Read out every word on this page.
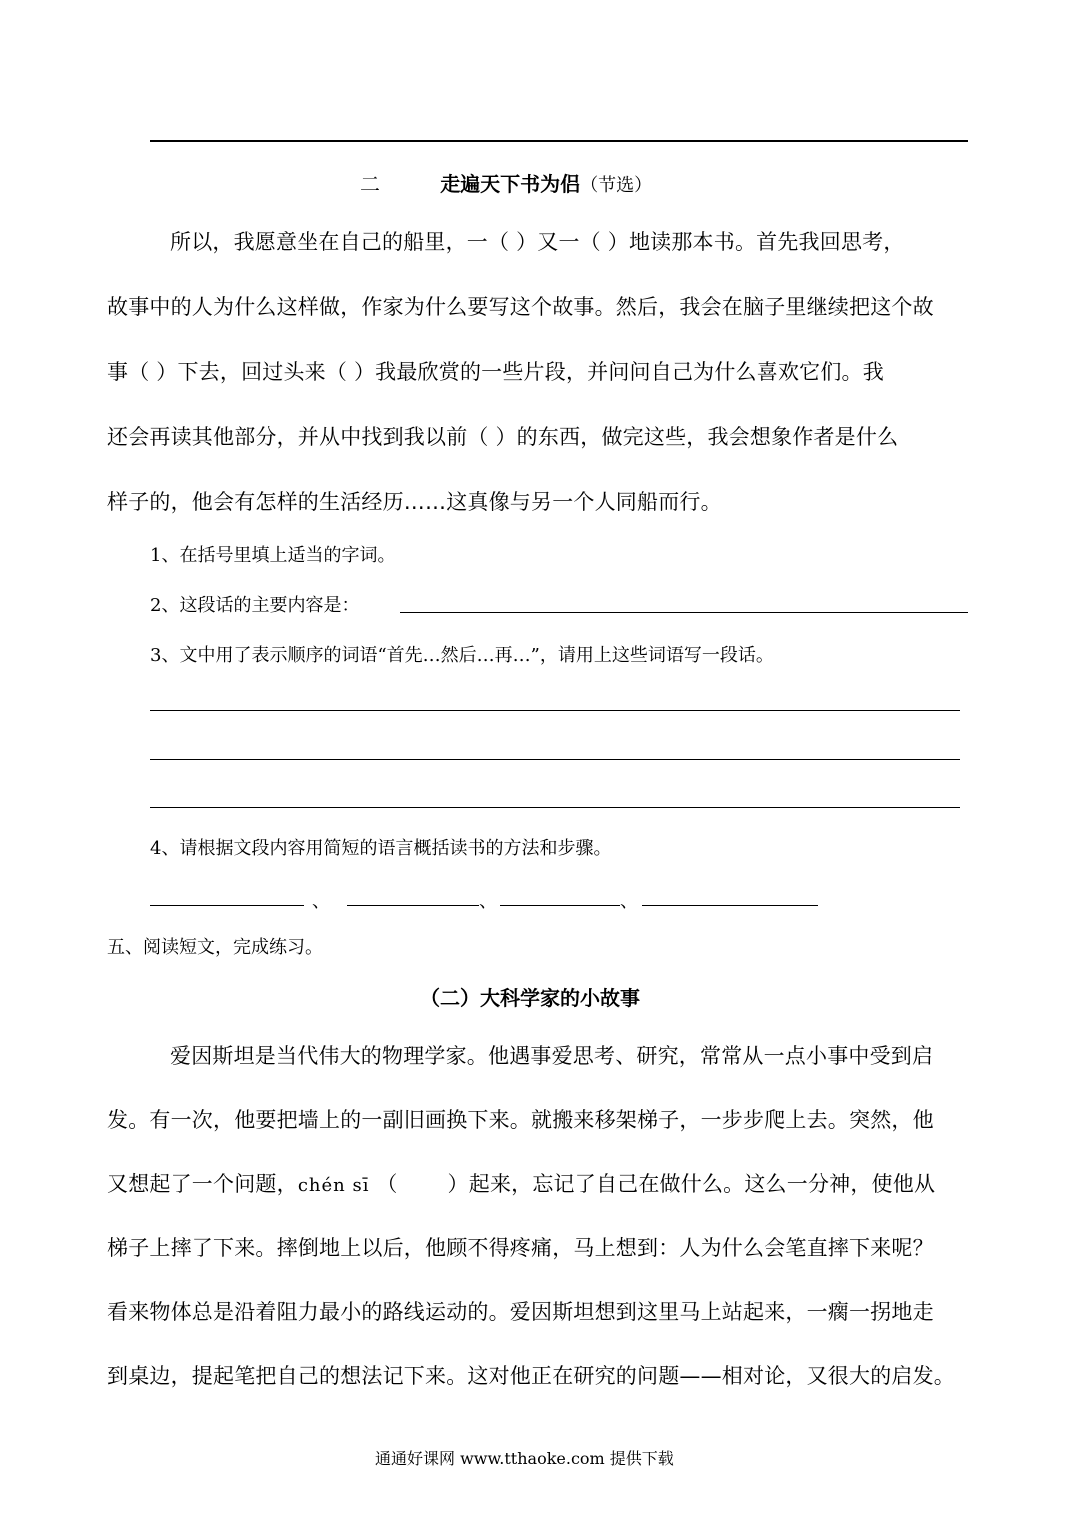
二	走遍天下书为侣（节选）
所以，我愿意坐在自己的船里，一（ ）又一（ ）地读那本书。首先我回思考，
故事中的人为什么这样做，作家为什么要写这个故事。然后，我会在脑子里继续把这个故
事（ ）下去，回过头来（ ）我最欣赏的一些片段，并问问自己为什么喜欢它们。我
还会再读其他部分，并从中找到我以前（ ）的东西，做完这些，我会想象作者是什么
样子的，他会有怎样的生活经历……这真像与另一个人同船而行。
1、在括号里填上适当的字词。
2、这段话的主要内容是：
3、文中用了表示顺序的词语“首先…然后…再…”，请用上这些词语写一段话。
4、请根据文段内容用简短的语言概括读书的方法和步骤。
、	、	、
五、阅读短文，完成练习。
（二）大科学家的小故事
爱因斯坦是当代伟大的物理学家。他遇事爱思考、研究，常常从一点小事中受到启
发。有一次，他要把墙上的一副旧画换下来。就搬来移架梯子，一步步爬上去。突然，他
又想起了一个问题，chén sī （ ）起来，忘记了自己在做什么。这么一分神，使他从
梯子上摔了下来。摔倒地上以后，他顾不得疼痛，马上想到：人为什么会笔直摔下来呢？
看来物体总是沿着阻力最小的路线运动的。爱因斯坦想到这里马上站起来，一瘸一拐地走
到桌边，提起笔把自己的想法记下来。这对他正在研究的问题——相对论，又很大的启发。
通通好课网 www.tthaoke.com 提供下载
